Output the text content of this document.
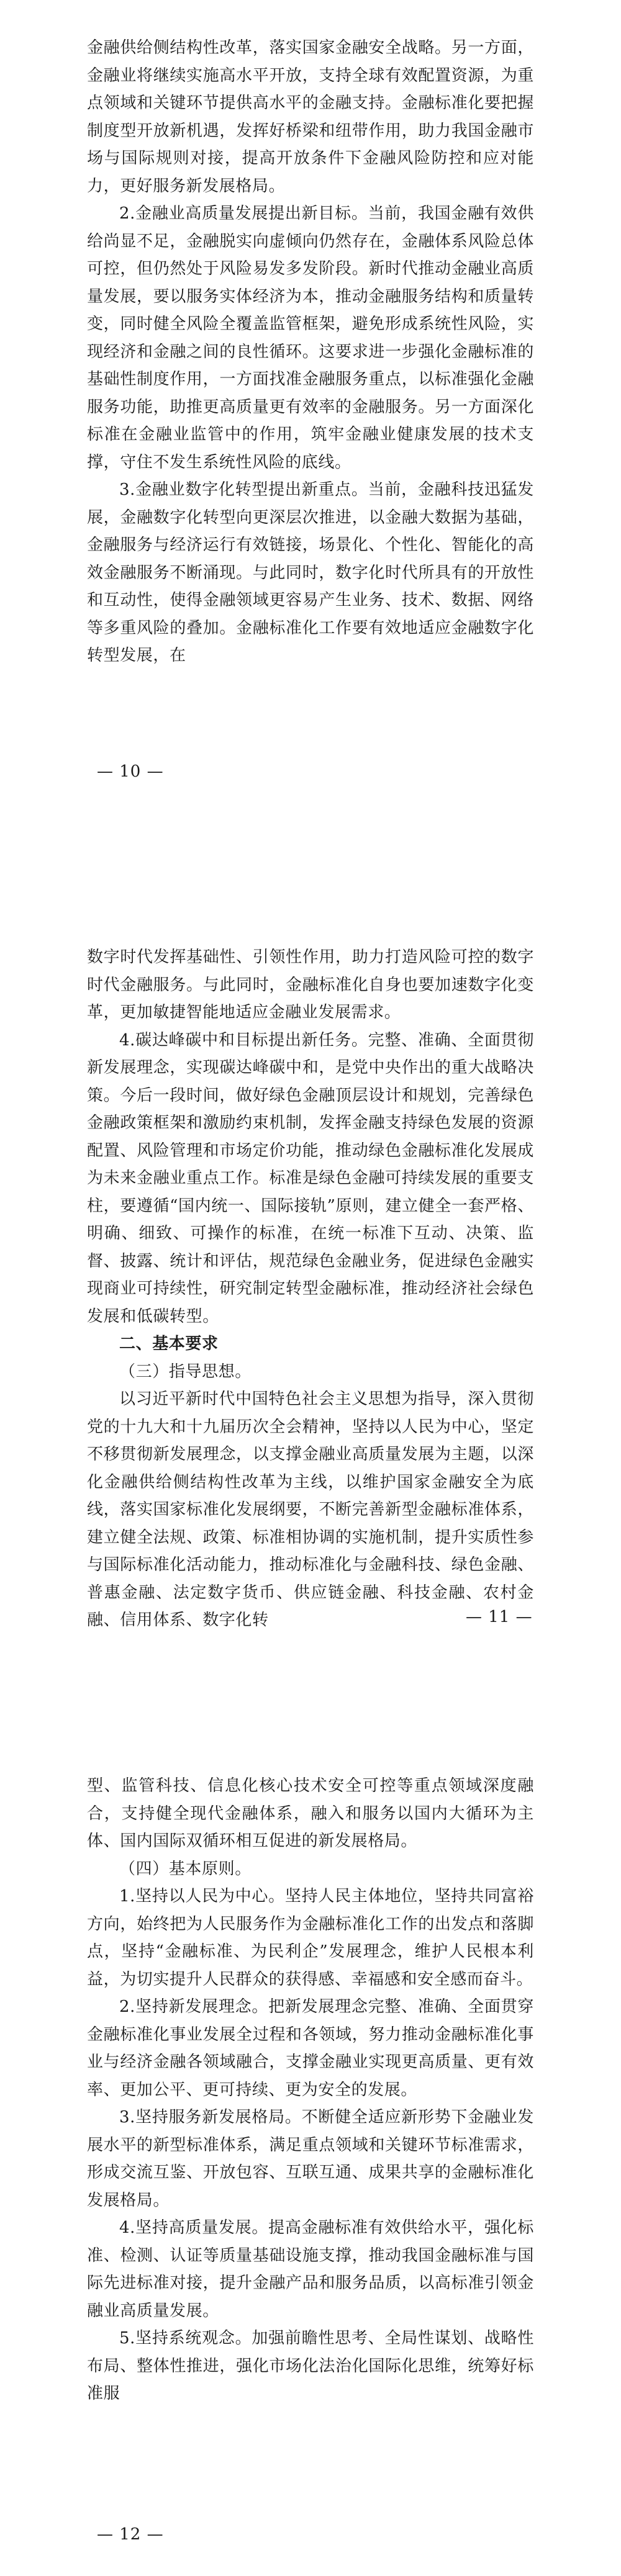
金融供给侧结构性改革，落实国家金融安全战略。另一方面，金融业将继续实施高水平开放，支持全球有效配置资源，为重点领域和关键环节提供高水平的金融支持。金融标准化要把握制度型开放新机遇，发挥好桥梁和纽带作用，助力我国金融市场与国际规则对接，提高开放条件下金融风险防控和应对能力，更好服务新发展格局。

2.金融业高质量发展提出新目标。当前，我国金融有效供给尚显不足，金融脱实向虚倾向仍然存在，金融体系风险总体可控，但仍然处于风险易发多发阶段。新时代推动金融业高质量发展，要以服务实体经济为本，推动金融服务结构和质量转变，同时健全风险全覆盖监管框架，避免形成系统性风险，实现经济和金融之间的良性循环。这要求进一步强化金融标准的基础性制度作用，一方面找准金融服务重点，以标准强化金融服务功能，助推更高质量更有效率的金融服务。另一方面深化标准在金融业监管中的作用，筑牢金融业健康发展的技术支撑，守住不发生系统性风险的底线。

3.金融业数字化转型提出新重点。当前，金融科技迅猛发展，金融数字化转型向更深层次推进，以金融大数据为基础，金融服务与经济运行有效链接，场景化、个性化、智能化的高效金融服务不断涌现。与此同时，数字化时代所具有的开放性和互动性，使得金融领域更容易产生业务、技术、数据、网络等多重风险的叠加。金融标准化工作要有效地适应金融数字化转型发展，在

— 10 —

数字时代发挥基础性、引领性作用，助力打造风险可控的数字时代金融服务。与此同时，金融标准化自身也要加速数字化变革，更加敏捷智能地适应金融业发展需求。

4.碳达峰碳中和目标提出新任务。完整、准确、全面贯彻新发展理念，实现碳达峰碳中和，是党中央作出的重大战略决策。今后一段时间，做好绿色金融顶层设计和规划，完善绿色金融政策框架和激励约束机制，发挥金融支持绿色发展的资源配置、风险管理和市场定价功能，推动绿色金融标准化发展成为未来金融业重点工作。标准是绿色金融可持续发展的重要支柱，要遵循“国内统一、国际接轨”原则，建立健全一套严格、明确、细致、可操作的标准，在统一标准下互动、决策、监督、披露、统计和评估，规范绿色金融业务，促进绿色金融实现商业可持续性，研究制定转型金融标准，推动经济社会绿色发展和低碳转型。

二、基本要求

（三）指导思想。

以习近平新时代中国特色社会主义思想为指导，深入贯彻党的十九大和十九届历次全会精神，坚持以人民为中心，坚定不移贯彻新发展理念，以支撑金融业高质量发展为主题，以深化金融供给侧结构性改革为主线，以维护国家金融安全为底线，落实国家标准化发展纲要，不断完善新型金融标准体系，建立健全法规、政策、标准相协调的实施机制，提升实质性参与国际标准化活动能力，推动标准化与金融科技、绿色金融、普惠金融、法定数字货币、供应链金融、科技金融、农村金融、信用体系、数字化转	— 11 —

型、监管科技、信息化核心技术安全可控等重点领域深度融合，支持健全现代金融体系，融入和服务以国内大循环为主体、国内国际双循环相互促进的新发展格局。

（四）基本原则。

1.坚持以人民为中心。坚持人民主体地位，坚持共同富裕方向，始终把为人民服务作为金融标准化工作的出发点和落脚点，坚持“金融标准、为民利企”发展理念，维护人民根本利益，为切实提升人民群众的获得感、幸福感和安全感而奋斗。

2.坚持新发展理念。把新发展理念完整、准确、全面贯穿金融标准化事业发展全过程和各领域，努力推动金融标准化事业与经济金融各领域融合，支撑金融业实现更高质量、更有效率、更加公平、更可持续、更为安全的发展。

3.坚持服务新发展格局。不断健全适应新形势下金融业发展水平的新型标准体系，满足重点领域和关键环节标准需求，形成交流互鉴、开放包容、互联互通、成果共享的金融标准化发展格局。

4.坚持高质量发展。提高金融标准有效供给水平，强化标准、检测、认证等质量基础设施支撑，推动我国金融标准与国际先进标准对接，提升金融产品和服务品质，以高标准引领金融业高质量发展。

5.坚持系统观念。加强前瞻性思考、全局性谋划、战略性布局、整体性推进，强化市场化法治化国际化思维，统筹好标准服

— 12 —
